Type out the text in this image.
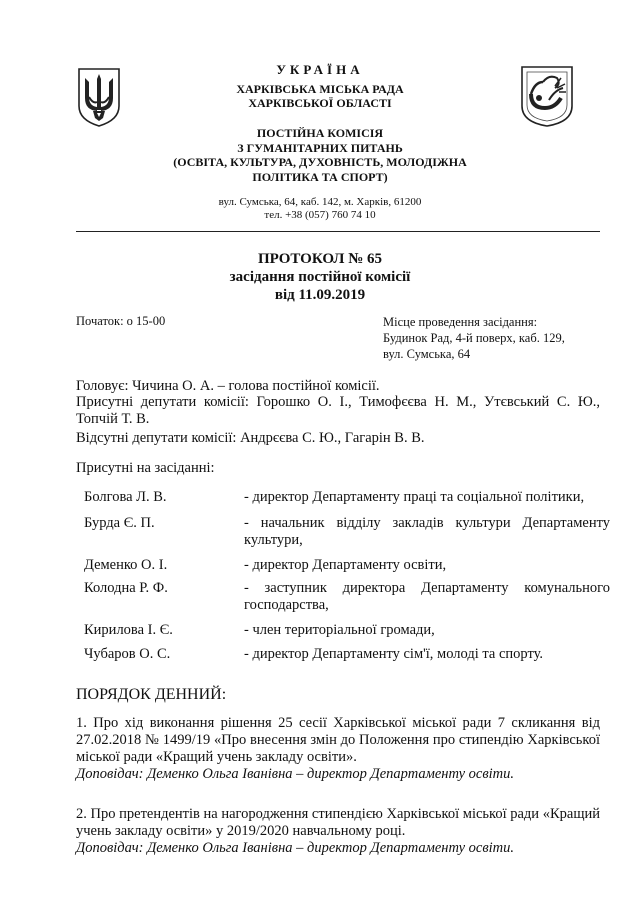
УКРАЇНА
ХАРКІВСЬКА МІСЬКА РАДА
ХАРКІВСЬКОЇ ОБЛАСТІ
ПОСТІЙНА КОМІСІЯ
З ГУМАНІТАРНИХ ПИТАНЬ
(ОСВІТА, КУЛЬТУРА, ДУХОВНІСТЬ, МОЛОДІЖНА
ПОЛІТИКА ТА СПОРТ)
вул. Сумська, 64, каб. 142, м. Харків, 61200
тел. +38 (057) 760 74 10
ПРОТОКОЛ № 65
засідання постійної комісії
від 11.09.2019
Початок: о 15-00	Місце проведення засідання:
Будинок Рад, 4-й поверх, каб. 129,
вул. Сумська, 64
Головує: Чичина О. А. – голова постійної комісії.
Присутні депутати комісії: Горошко О. І., Тимофєєва Н. М., Утєвський С. Ю., Топчій Т. В.
Відсутні депутати комісії: Андрєєва С. Ю., Гагарін В. В.
Присутні на засіданні:
Болгова Л. В.	- директор Департаменту праці та соціальної політики,
Бурда Є. П.	- начальник відділу закладів культури Департаменту культури,
Деменко О. І.	- директор Департаменту освіти,
Колодна Р. Ф.	- заступник директора Департаменту комунального господарства,
Кирилова І. Є.	- член територіальної громади,
Чубаров О. С.	- директор Департаменту сім'ї, молоді та спорту.
ПОРЯДОК ДЕННИЙ:
1. Про хід виконання рішення 25 сесії Харківської міської ради 7 скликання від 27.02.2018 № 1499/19 «Про внесення змін до Положення про стипендію Харківської міської ради «Кращий учень закладу освіти».
Доповідач: Деменко Ольга Іванівна – директор Департаменту освіти.
2. Про претендентів на нагородження стипендією Харківської міської ради «Кращий учень закладу освіти» у 2019/2020 навчальному році.
Доповідач: Деменко Ольга Іванівна – директор Департаменту освіти.
